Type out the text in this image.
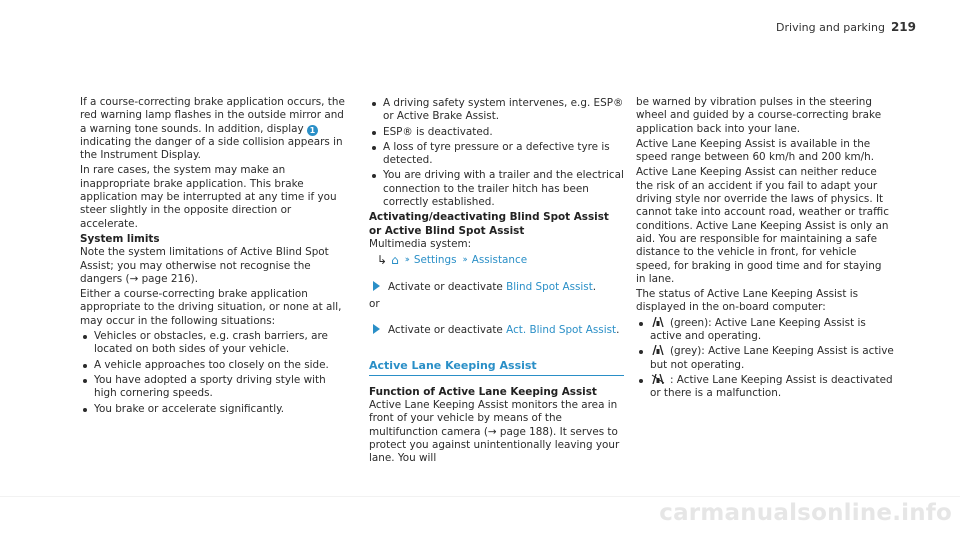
Driving and parking 219

If a course-correcting brake application occurs, the red warning lamp flashes in the outside mirror and a warning tone sounds. In addition, display 1indicating the danger of a side collision appears in the Instrument Display.

In rare cases, the system may make an inappropriate brake application. This brake application may be interrupted at any time if you steer slightly in the opposite direction or accelerate.

System limits

Note the system limitations of Active Blind Spot Assist; you may otherwise not recognise the dangers (→ page 216).

Either a course-correcting brake application appropriate to the driving situation, or none at all, may occur in the following situations:

Vehicles or obstacles, e.g. crash barriers, are located on both sides of your vehicle.
A vehicle approaches too closely on the side.
You have adopted a sporty driving style with high cornering speeds.
You brake or accelerate significantly.
A driving safety system intervenes, e.g. ESP® or Active Brake Assist.
ESP® is deactivated.
A loss of tyre pressure or a defective tyre is detected.
You are driving with a trailer and the electrical connection to the trailer hitch has been correctly established.

Activating/deactivating Blind Spot Assist or Active Blind Spot Assist

Multimedia system:

↳ ⌂ ›› Settings ›› Assistance
Activate or deactivate Blind Spot Assist.

or

Activate or deactivate Act. Blind Spot Assist.
Active Lane Keeping Assist

Function of Active Lane Keeping Assist

Active Lane Keeping Assist monitors the area in front of your vehicle by means of the multifunction camera (→ page 188). It serves to protect you against unintentionally leaving your lane. You will

be warned by vibration pulses in the steering wheel and guided by a course-correcting brake application back into your lane.

Active Lane Keeping Assist is available in the speed range between 60 km/h and 200 km/h.

Active Lane Keeping Assist can neither reduce the risk of an accident if you fail to adapt your driving style nor override the laws of physics. It cannot take into account road, weather or traffic conditions. Active Lane Keeping Assist is only an aid. You are responsible for maintaining a safe distance to the vehicle in front, for vehicle speed, for braking in good time and for staying in lane.

The status of Active Lane Keeping Assist is displayed in the on-board computer:

(green): Active Lane Keeping Assist is active and operating.
(grey): Active Lane Keeping Assist is active but not operating.
: Active Lane Keeping Assist is deactivated or there is a malfunction.
carmanualsonline.info
